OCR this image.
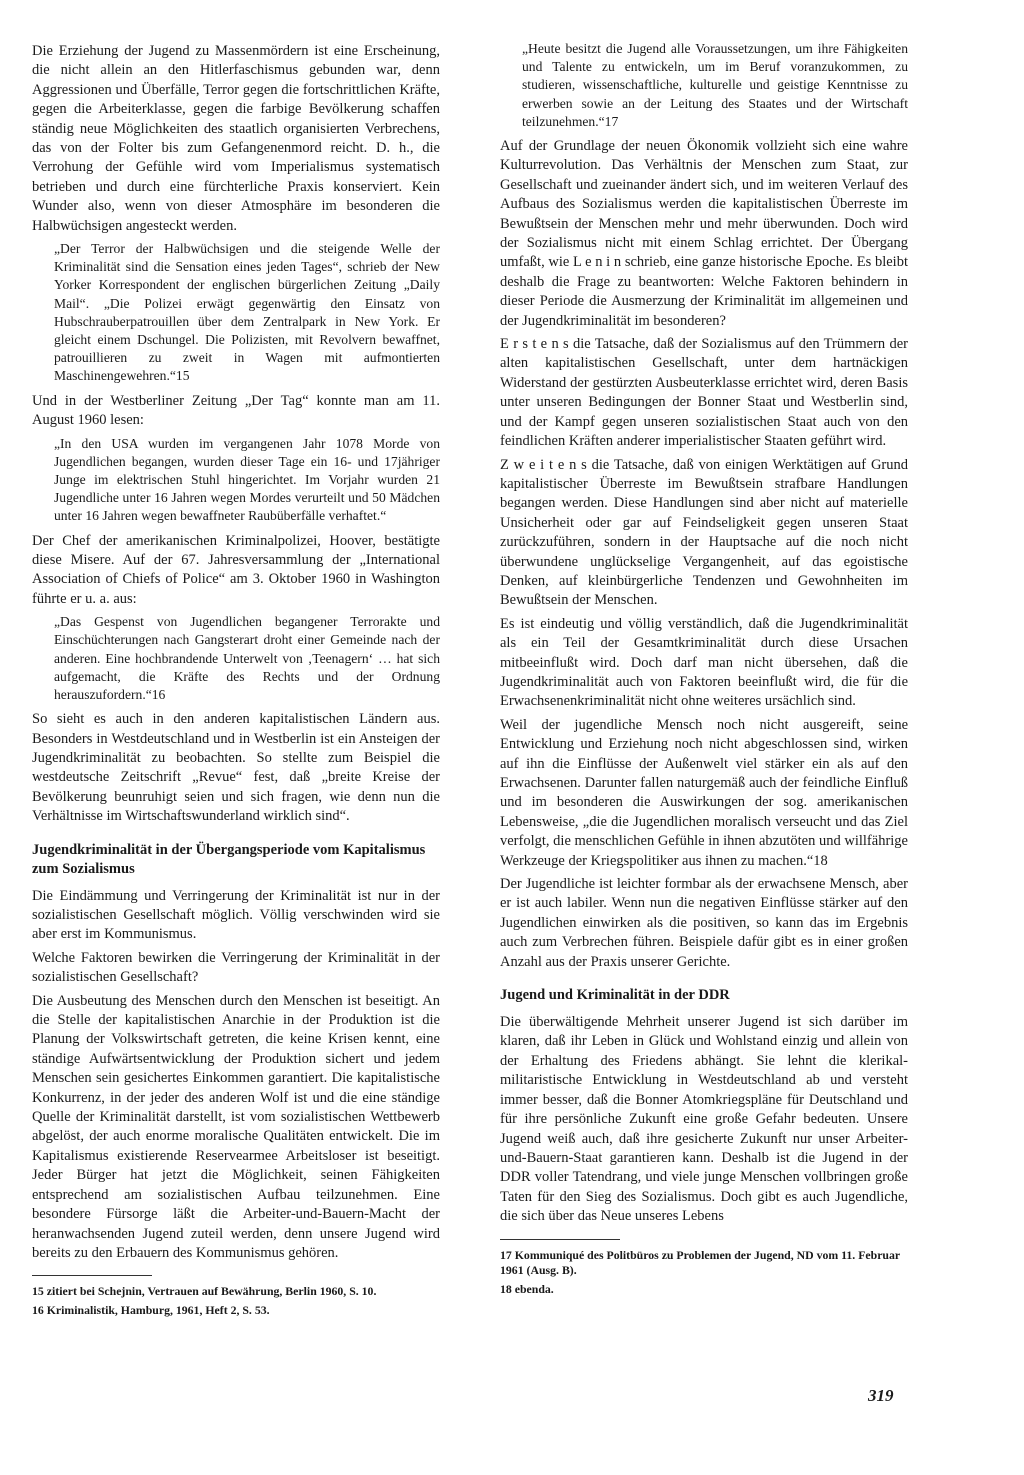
Die Erziehung der Jugend zu Massenmördern ist eine Erscheinung, die nicht allein an den Hitlerfaschismus gebunden war, denn Aggressionen und Überfälle, Terror gegen die fortschrittlichen Kräfte, gegen die Arbeiterklasse, gegen die farbige Bevölkerung schaffen ständig neue Möglichkeiten des staatlich organisierten Verbrechens, das von der Folter bis zum Gefangenenmord reicht. D. h., die Verrohung der Gefühle wird vom Imperialismus systematisch betrieben und durch eine fürchterliche Praxis konserviert. Kein Wunder also, wenn von dieser Atmosphäre im besonderen die Halbwüchsigen angesteckt werden.

„Der Terror der Halbwüchsigen und die steigende Welle der Kriminalität sind die Sensation eines jeden Tages“, schrieb der New Yorker Korrespondent der englischen bürgerlichen Zeitung „Daily Mail“. „Die Polizei erwägt gegenwärtig den Einsatz von Hubschrauberpatrouillen über dem Zentralpark in New York. Er gleicht einem Dschungel. Die Polizisten, mit Revolvern bewaffnet, patrouillieren zu zweit in Wagen mit aufmontierten Maschinengewehren.“15

Und in der Westberliner Zeitung „Der Tag“ konnte man am 11. August 1960 lesen:

„In den USA wurden im vergangenen Jahr 1078 Morde von Jugendlichen begangen, wurden dieser Tage ein 16- und 17jähriger Junge im elektrischen Stuhl hingerichtet. Im Vorjahr wurden 21 Jugendliche unter 16 Jahren wegen Mordes verurteilt und 50 Mädchen unter 16 Jahren wegen bewaffneter Raubüberfälle verhaftet.“

Der Chef der amerikanischen Kriminalpolizei, Hoover, bestätigte diese Misere. Auf der 67. Jahresversammlung der „International Association of Chiefs of Police“ am 3. Oktober 1960 in Washington führte er u. a. aus:

„Das Gespenst von Jugendlichen begangener Terrorakte und Einschüchterungen nach Gangsterart droht einer Gemeinde nach der anderen. Eine hochbrandende Unterwelt von ‚Teenagern‘ … hat sich aufgemacht, die Kräfte des Rechts und der Ordnung herauszufordern.“16

So sieht es auch in den anderen kapitalistischen Ländern aus. Besonders in Westdeutschland und in Westberlin ist ein Ansteigen der Jugendkriminalität zu beobachten. So stellte zum Beispiel die westdeutsche Zeitschrift „Revue“ fest, daß „breite Kreise der Bevölkerung beunruhigt seien und sich fragen, wie denn nun die Verhältnisse im Wirtschaftswunderland wirklich sind“.

Jugendkriminalität in der Übergangsperiode vom Kapitalismus zum Sozialismus

Die Eindämmung und Verringerung der Kriminalität ist nur in der sozialistischen Gesellschaft möglich. Völlig verschwinden wird sie aber erst im Kommunismus.

Welche Faktoren bewirken die Verringerung der Kriminalität in der sozialistischen Gesellschaft?

Die Ausbeutung des Menschen durch den Menschen ist beseitigt. An die Stelle der kapitalistischen Anarchie in der Produktion ist die Planung der Volkswirtschaft getreten, die keine Krisen kennt, eine ständige Aufwärtsentwicklung der Produktion sichert und jedem Menschen sein gesichertes Einkommen garantiert. Die kapitalistische Konkurrenz, in der jeder des anderen Wolf ist und die eine ständige Quelle der Kriminalität darstellt, ist vom sozialistischen Wettbewerb abgelöst, der auch enorme moralische Qualitäten entwickelt. Die im Kapitalismus existierende Reservearmee Arbeitsloser ist beseitigt. Jeder Bürger hat jetzt die Möglichkeit, seinen Fähigkeiten entsprechend am sozialistischen Aufbau teilzunehmen. Eine besondere Fürsorge läßt die Arbeiter-und-Bauern-Macht der heranwachsenden Jugend zuteil werden, denn unsere Jugend wird bereits zu den Erbauern des Kommunismus gehören.

15 zitiert bei Schejnin, Vertrauen auf Bewährung, Berlin 1960, S. 10.

16 Kriminalistik, Hamburg, 1961, Heft 2, S. 53.

„Heute besitzt die Jugend alle Voraussetzungen, um ihre Fähigkeiten und Talente zu entwickeln, um im Beruf voranzukommen, zu studieren, wissenschaftliche, kulturelle und geistige Kenntnisse zu erwerben sowie an der Leitung des Staates und der Wirtschaft teilzunehmen.“17

Auf der Grundlage der neuen Ökonomik vollzieht sich eine wahre Kulturrevolution. Das Verhältnis der Menschen zum Staat, zur Gesellschaft und zueinander ändert sich, und im weiteren Verlauf des Aufbaus des Sozialismus werden die kapitalistischen Überreste im Bewußtsein der Menschen mehr und mehr überwunden. Doch wird der Sozialismus nicht mit einem Schlag errichtet. Der Übergang umfaßt, wie L e n i n schrieb, eine ganze historische Epoche. Es bleibt deshalb die Frage zu beantworten: Welche Faktoren behindern in dieser Periode die Ausmerzung der Kriminalität im allgemeinen und der Jugendkriminalität im besonderen?

E r s t e n s die Tatsache, daß der Sozialismus auf den Trümmern der alten kapitalistischen Gesellschaft, unter dem hartnäckigen Widerstand der gestürzten Ausbeuterklasse errichtet wird, deren Basis unter unseren Bedingungen der Bonner Staat und Westberlin sind, und der Kampf gegen unseren sozialistischen Staat auch von den feindlichen Kräften anderer imperialistischer Staaten geführt wird.

Z w e i t e n s die Tatsache, daß von einigen Werktätigen auf Grund kapitalistischer Überreste im Bewußtsein strafbare Handlungen begangen werden. Diese Handlungen sind aber nicht auf materielle Unsicherheit oder gar auf Feindseligkeit gegen unseren Staat zurückzuführen, sondern in der Hauptsache auf die noch nicht überwundene unglückselige Vergangenheit, auf das egoistische Denken, auf kleinbürgerliche Tendenzen und Gewohnheiten im Bewußtsein der Menschen.

Es ist eindeutig und völlig verständlich, daß die Jugendkriminalität als ein Teil der Gesamtkriminalität durch diese Ursachen mitbeeinflußt wird. Doch darf man nicht übersehen, daß die Jugendkriminalität auch von Faktoren beeinflußt wird, die für die Erwachsenenkriminalität nicht ohne weiteres ursächlich sind.

Weil der jugendliche Mensch noch nicht ausgereift, seine Entwicklung und Erziehung noch nicht abgeschlossen sind, wirken auf ihn die Einflüsse der Außenwelt viel stärker ein als auf den Erwachsenen. Darunter fallen naturgemäß auch der feindliche Einfluß und im besonderen die Auswirkungen der sog. amerikanischen Lebensweise, „die die Jugendlichen moralisch verseucht und das Ziel verfolgt, die menschlichen Gefühle in ihnen abzutöten und willfährige Werkzeuge der Kriegspolitiker aus ihnen zu machen.“18

Der Jugendliche ist leichter formbar als der erwachsene Mensch, aber er ist auch labiler. Wenn nun die negativen Einflüsse stärker auf den Jugendlichen einwirken als die positiven, so kann das im Ergebnis auch zum Verbrechen führen. Beispiele dafür gibt es in einer großen Anzahl aus der Praxis unserer Gerichte.

Jugend und Kriminalität in der DDR

Die überwältigende Mehrheit unserer Jugend ist sich darüber im klaren, daß ihr Leben in Glück und Wohlstand einzig und allein von der Erhaltung des Friedens abhängt. Sie lehnt die klerikal-militaristische Entwicklung in Westdeutschland ab und versteht immer besser, daß die Bonner Atomkriegspläne für Deutschland und für ihre persönliche Zukunft eine große Gefahr bedeuten. Unsere Jugend weiß auch, daß ihre gesicherte Zukunft nur unser Arbeiter-und-Bauern-Staat garantieren kann. Deshalb ist die Jugend in der DDR voller Tatendrang, und viele junge Menschen vollbringen große Taten für den Sieg des Sozialismus. Doch gibt es auch Jugendliche, die sich über das Neue unseres Lebens

17 Kommuniqué des Politbüros zu Problemen der Jugend, ND vom 11. Februar 1961 (Ausg. B).

18 ebenda.

319
